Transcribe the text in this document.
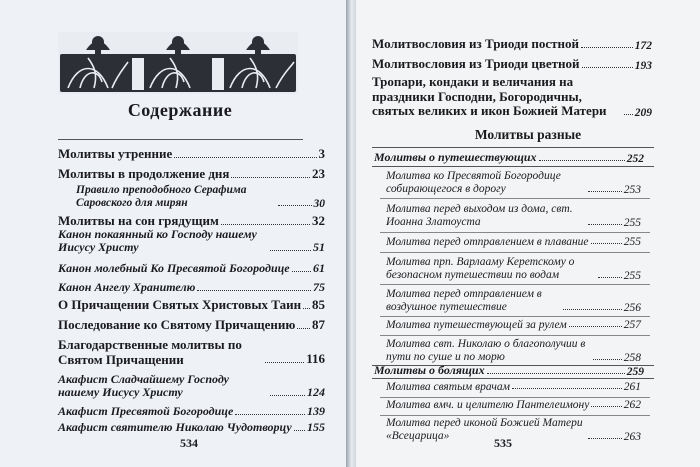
Содержание
Молитвы утренние	3
Молитвы в продолжение дня	23
Правило преподобного Серафима Саровского для мирян	30
Молитвы на сон грядущим	32
Канон покаянный ко Господу нашему Иисусу Христу	51
Канон молебный Ко Пресвятой Богородице 61
Канон Ангелу Хранителю	75
О Причащении Святых Христовых Таин 85
Последование ко Святому Причащению 87
Благодарственные молитвы по Святом Причащении	116
Акафист Сладчайшему Господу нашему Иисусу Христу	124
Акафист Пресвятой Богородице	139
Акафист святителю Николаю Чудотворцу 155
534
Молитвословия из Триоди постной	172
Молитвословия из Триоди цветной	193
Тропари, кондаки и величания на праздники Господни, Богородичны, святых великих и икон Божией Матери	209
Молитвы разные
Молитвы о путешествующих	252
Молитва ко Пресвятой Богородице собирающегося в дорогу	253
Молитва перед выходом из дома, свт. Иоанна Златоуста	255
Молитва перед отправлением в плавание	255
Молитва прп. Варлааму Керетскому о безопасном путешествии по водам	255
Молитва перед отправлением в воздушное путешествие	256
Молитва путешествующей за рулем	257
Молитва свт. Николаю о благополучии в пути по суше и по морю	258
Молитвы о болящих	259
Молитва святым врачам	261
Молитва вмч. и целителю Пантелеимону	262
Молитва перед иконой Божией Матери «Всецарица»	263
535
